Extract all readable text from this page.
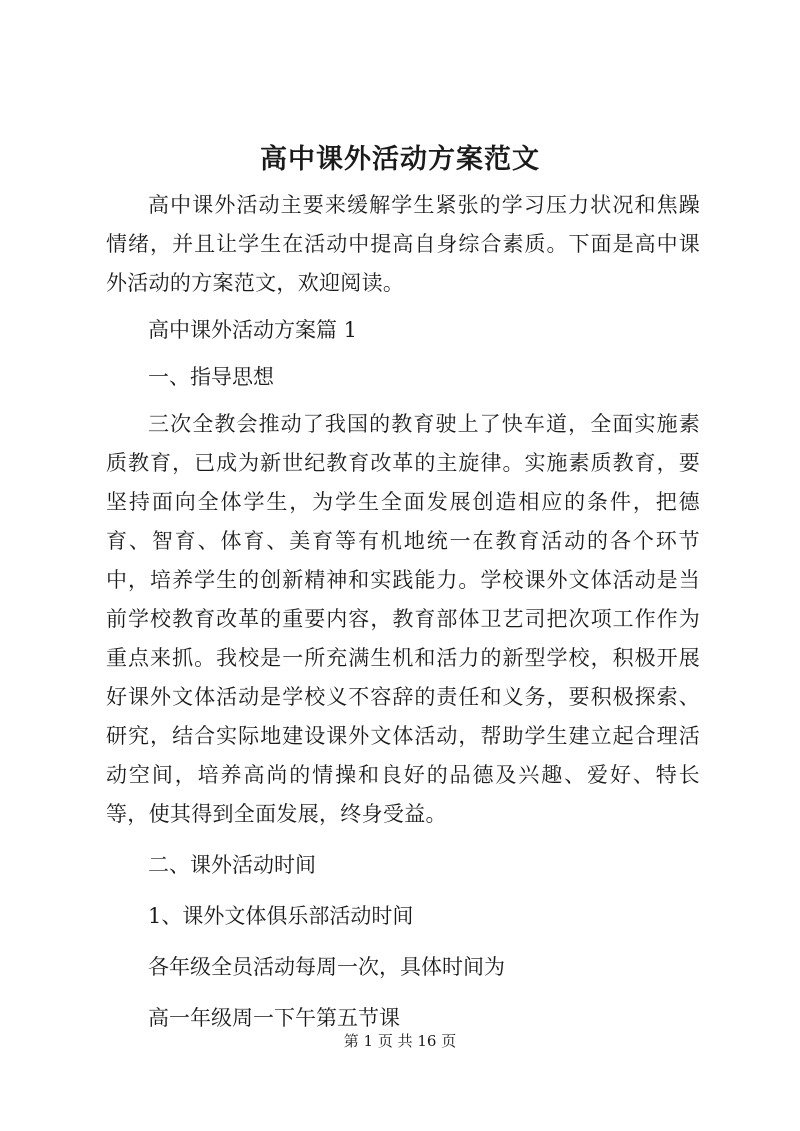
高中课外活动方案范文

高中课外活动主要来缓解学生紧张的学习压力状况和焦躁情绪，并且让学生在活动中提高自身综合素质。下面是高中课外活动的方案范文，欢迎阅读。

高中课外活动方案篇 1

一、指导思想

三次全教会推动了我国的教育驶上了快车道，全面实施素质教育，已成为新世纪教育改革的主旋律。实施素质教育，要坚持面向全体学生，为学生全面发展创造相应的条件，把德育、智育、体育、美育等有机地统一在教育活动的各个环节中，培养学生的创新精神和实践能力。学校课外文体活动是当前学校教育改革的重要内容，教育部体卫艺司把次项工作作为重点来抓。我校是一所充满生机和活力的新型学校，积极开展好课外文体活动是学校义不容辞的责任和义务，要积极探索、研究，结合实际地建设课外文体活动，帮助学生建立起合理活动空间，培养高尚的情操和良好的品德及兴趣、爱好、特长等，使其得到全面发展，终身受益。

二、课外活动时间

1、课外文体俱乐部活动时间

各年级全员活动每周一次，具体时间为

高一年级周一下午第五节课

第 1 页 共 16 页
